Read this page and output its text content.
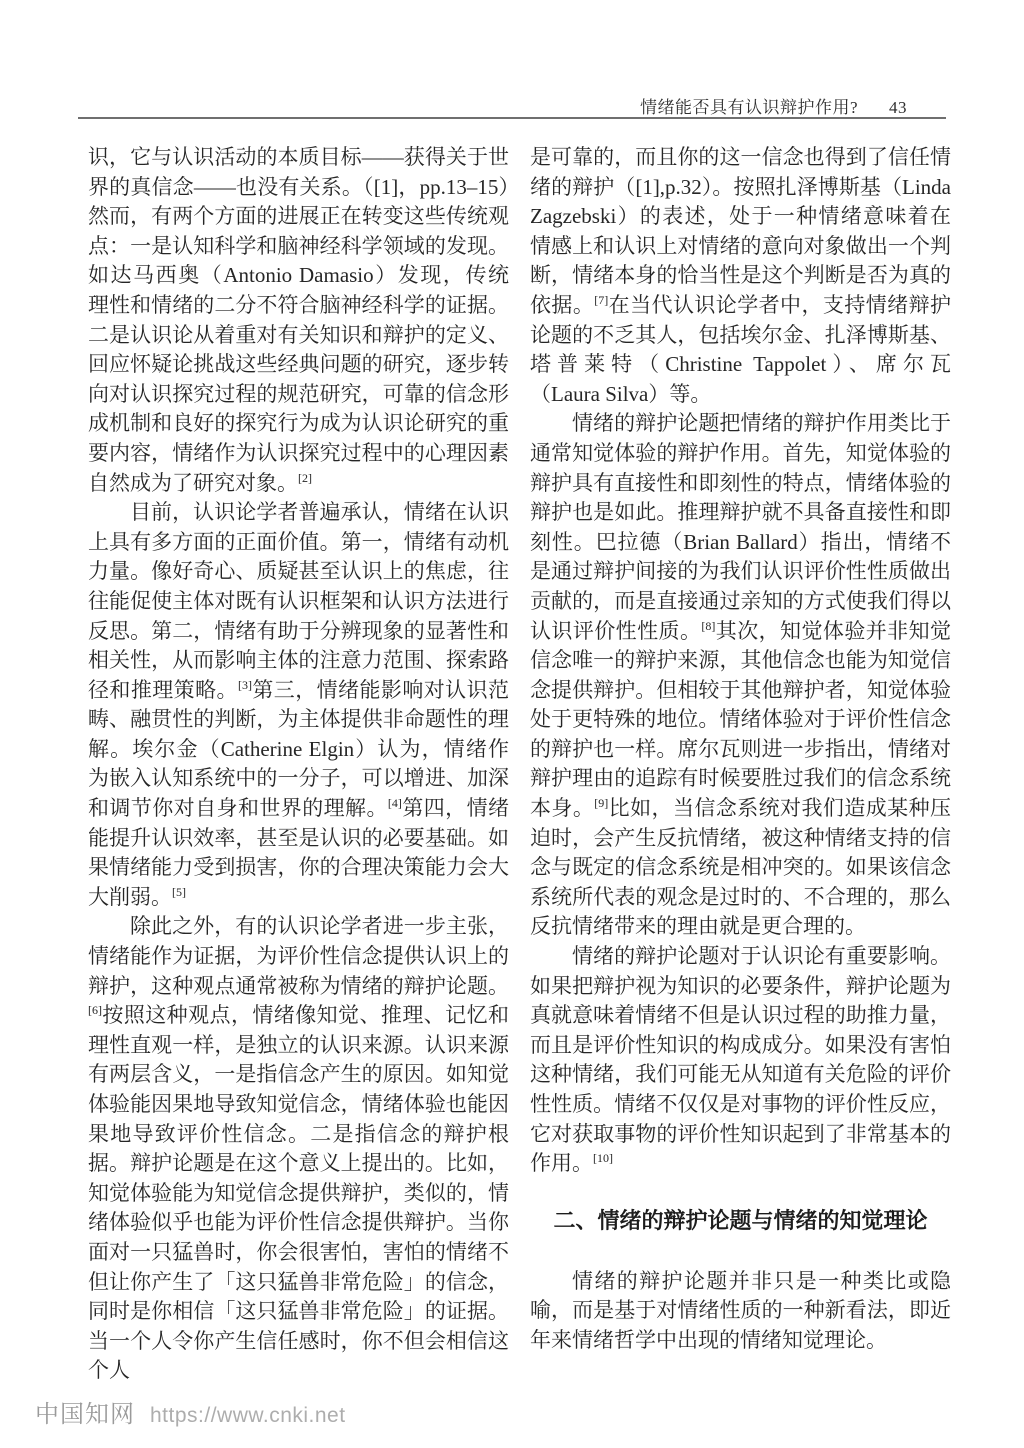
情绪能否具有认识辩护作用? 43

识，它与认识活动的本质目标——获得关于世界的真信念——也没有关系。（[1]，pp.13–15）然而，有两个方面的进展正在转变这些传统观点：一是认知科学和脑神经科学领域的发现。如达马西奥（Antonio Damasio）发现，传统理性和情绪的二分不符合脑神经科学的证据。二是认识论从着重对有关知识和辩护的定义、回应怀疑论挑战这些经典问题的研究，逐步转向对认识探究过程的规范研究，可靠的信念形成机制和良好的探究行为成为认识论研究的重要内容，情绪作为认识探究过程中的心理因素自然成为了研究对象。[2]

目前，认识论学者普遍承认，情绪在认识上具有多方面的正面价值。第一，情绪有动机力量。像好奇心、质疑甚至认识上的焦虑，往往能促使主体对既有认识框架和认识方法进行反思。第二，情绪有助于分辨现象的显著性和相关性，从而影响主体的注意力范围、探索路径和推理策略。[3]第三，情绪能影响对认识范畴、融贯性的判断，为主体提供非命题性的理解。埃尔金（Catherine Elgin）认为，情绪作为嵌入认知系统中的一分子，可以增进、加深和调节你对自身和世界的理解。[4]第四，情绪能提升认识效率，甚至是认识的必要基础。如果情绪能力受到损害，你的合理决策能力会大大削弱。[5]

除此之外，有的认识论学者进一步主张，情绪能作为证据，为评价性信念提供认识上的辩护，这种观点通常被称为情绪的辩护论题。[6]按照这种观点，情绪像知觉、推理、记忆和理性直观一样，是独立的认识来源。认识来源有两层含义，一是指信念产生的原因。如知觉体验能因果地导致知觉信念，情绪体验也能因果地导致评价性信念。二是指信念的辩护根据。辩护论题是在这个意义上提出的。比如，知觉体验能为知觉信念提供辩护，类似的，情绪体验似乎也能为评价性信念提供辩护。当你面对一只猛兽时，你会很害怕，害怕的情绪不但让你产生了「这只猛兽非常危险」的信念，同时是你相信「这只猛兽非常危险」的证据。当一个人令你产生信任感时，你不但会相信这个人

是可靠的，而且你的这一信念也得到了信任情绪的辩护（[1],p.32）。按照扎泽博斯基（Linda Zagzebski）的表述，处于一种情绪意味着在情感上和认识上对情绪的意向对象做出一个判断，情绪本身的恰当性是这个判断是否为真的依据。[7]在当代认识论学者中，支持情绪辩护论题的不乏其人，包括埃尔金、扎泽博斯基、塔普莱特（Christine Tappolet）、席尔瓦（Laura Silva）等。

情绪的辩护论题把情绪的辩护作用类比于通常知觉体验的辩护作用。首先，知觉体验的辩护具有直接性和即刻性的特点，情绪体验的辩护也是如此。推理辩护就不具备直接性和即刻性。巴拉德（Brian Ballard）指出，情绪不是通过辩护间接的为我们认识评价性性质做出贡献的，而是直接通过亲知的方式使我们得以认识评价性性质。[8]其次，知觉体验并非知觉信念唯一的辩护来源，其他信念也能为知觉信念提供辩护。但相较于其他辩护者，知觉体验处于更特殊的地位。情绪体验对于评价性信念的辩护也一样。席尔瓦则进一步指出，情绪对辩护理由的追踪有时候要胜过我们的信念系统本身。[9]比如，当信念系统对我们造成某种压迫时，会产生反抗情绪，被这种情绪支持的信念与既定的信念系统是相冲突的。如果该信念系统所代表的观念是过时的、不合理的，那么反抗情绪带来的理由就是更合理的。

情绪的辩护论题对于认识论有重要影响。如果把辩护视为知识的必要条件，辩护论题为真就意味着情绪不但是认识过程的助推力量，而且是评价性知识的构成成分。如果没有害怕这种情绪，我们可能无从知道有关危险的评价性性质。情绪不仅仅是对事物的评价性反应，它对获取事物的评价性知识起到了非常基本的作用。[10]

二、情绪的辩护论题与情绪的知觉理论

情绪的辩护论题并非只是一种类比或隐喻，而是基于对情绪性质的一种新看法，即近年来情绪哲学中出现的情绪知觉理论。

中国知网 https://www.cnki.net
